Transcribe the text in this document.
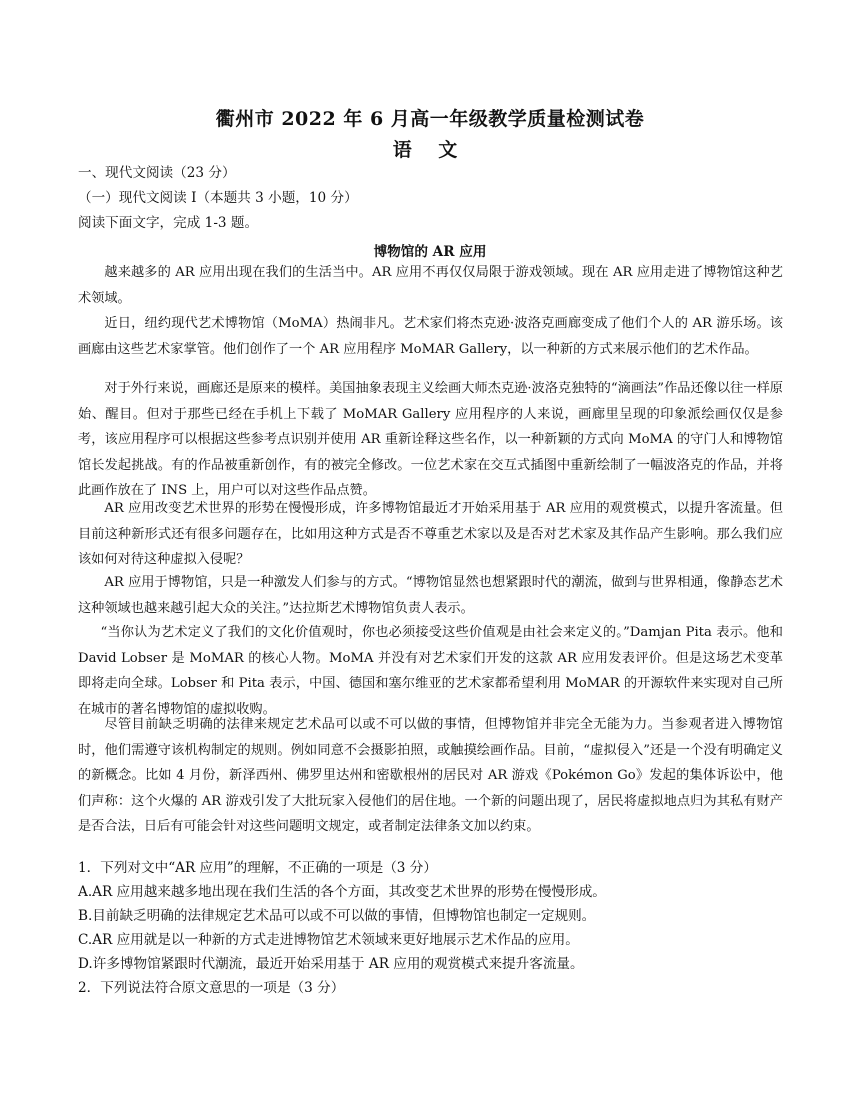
衢州市 2022 年 6 月高一年级教学质量检测试卷
语 文
一、现代文阅读（23 分）
（一）现代文阅读 I（本题共 3 小题，10 分）
阅读下面文字，完成 1-3 题。
博物馆的 AR 应用

越来越多的 AR 应用出现在我们的生活当中。AR 应用不再仅仅局限于游戏领域。现在 AR 应用走进了博物馆这种艺术领域。

近日，纽约现代艺术博物馆（MoMA）热闹非凡。艺术家们将杰克逊·波洛克画廊变成了他们个人的 AR 游乐场。该画廊由这些艺术家掌管。他们创作了一个 AR 应用程序 MoMAR Gallery，以一种新的方式来展示他们的艺术作品。

对于外行来说，画廊还是原来的模样。美国抽象表现主义绘画大师杰克逊·波洛克独特的“滴画法”作品还像以往一样原始、醒目。但对于那些已经在手机上下载了 MoMAR Gallery 应用程序的人来说，画廊里呈现的印象派绘画仅仅是参考，该应用程序可以根据这些参考点识别并使用 AR 重新诠释这些名作，以一种新颖的方式向 MoMA 的守门人和博物馆馆长发起挑战。有的作品被重新创作，有的被完全修改。一位艺术家在交互式插图中重新绘制了一幅波洛克的作品，并将此画作放在了 INS 上，用户可以对这些作品点赞。

AR 应用改变艺术世界的形势在慢慢形成，许多博物馆最近才开始采用基于 AR 应用的观赏模式，以提升客流量。但目前这种新形式还有很多问题存在，比如用这种方式是否不尊重艺术家以及是否对艺术家及其作品产生影响。那么我们应该如何对待这种虚拟入侵呢？

AR 应用于博物馆，只是一种激发人们参与的方式。“博物馆显然也想紧跟时代的潮流，做到与世界相通，像静态艺术这种领域也越来越引起大众的关注。”达拉斯艺术博物馆负责人表示。

“当你认为艺术定义了我们的文化价值观时，你也必须接受这些价值观是由社会来定义的。”Damjan Pita 表示。他和 David Lobser 是 MoMAR 的核心人物。MoMA 并没有对艺术家们开发的这款 AR 应用发表评价。但是这场艺术变革即将走向全球。Lobser 和 Pita 表示，中国、德国和塞尔维亚的艺术家都希望利用 MoMAR 的开源软件来实现对自己所在城市的著名博物馆的虚拟收购。

尽管目前缺乏明确的法律来规定艺术品可以或不可以做的事情，但博物馆并非完全无能为力。当参观者进入博物馆时，他们需遵守该机构制定的规则。例如同意不会摄影拍照，或触摸绘画作品。目前，“虚拟侵入”还是一个没有明确定义的新概念。比如 4 月份，新泽西州、佛罗里达州和密歇根州的居民对 AR 游戏《Pokémon Go》发起的集体诉讼中，他们声称：这个火爆的 AR 游戏引发了大批玩家入侵他们的居住地。一个新的问题出现了，居民将虚拟地点归为其私有财产是否合法，日后有可能会针对这些问题明文规定，或者制定法律条文加以约束。

1．下列对文中“AR 应用”的理解，不正确的一项是（3 分）
A.AR 应用越来越多地出现在我们生活的各个方面，其改变艺术世界的形势在慢慢形成。
B.目前缺乏明确的法律规定艺术品可以或不可以做的事情，但博物馆也制定一定规则。
C.AR 应用就是以一种新的方式走进博物馆艺术领域来更好地展示艺术作品的应用。
D.许多博物馆紧跟时代潮流，最近开始采用基于 AR 应用的观赏模式来提升客流量。
2．下列说法符合原文意思的一项是（3 分）
